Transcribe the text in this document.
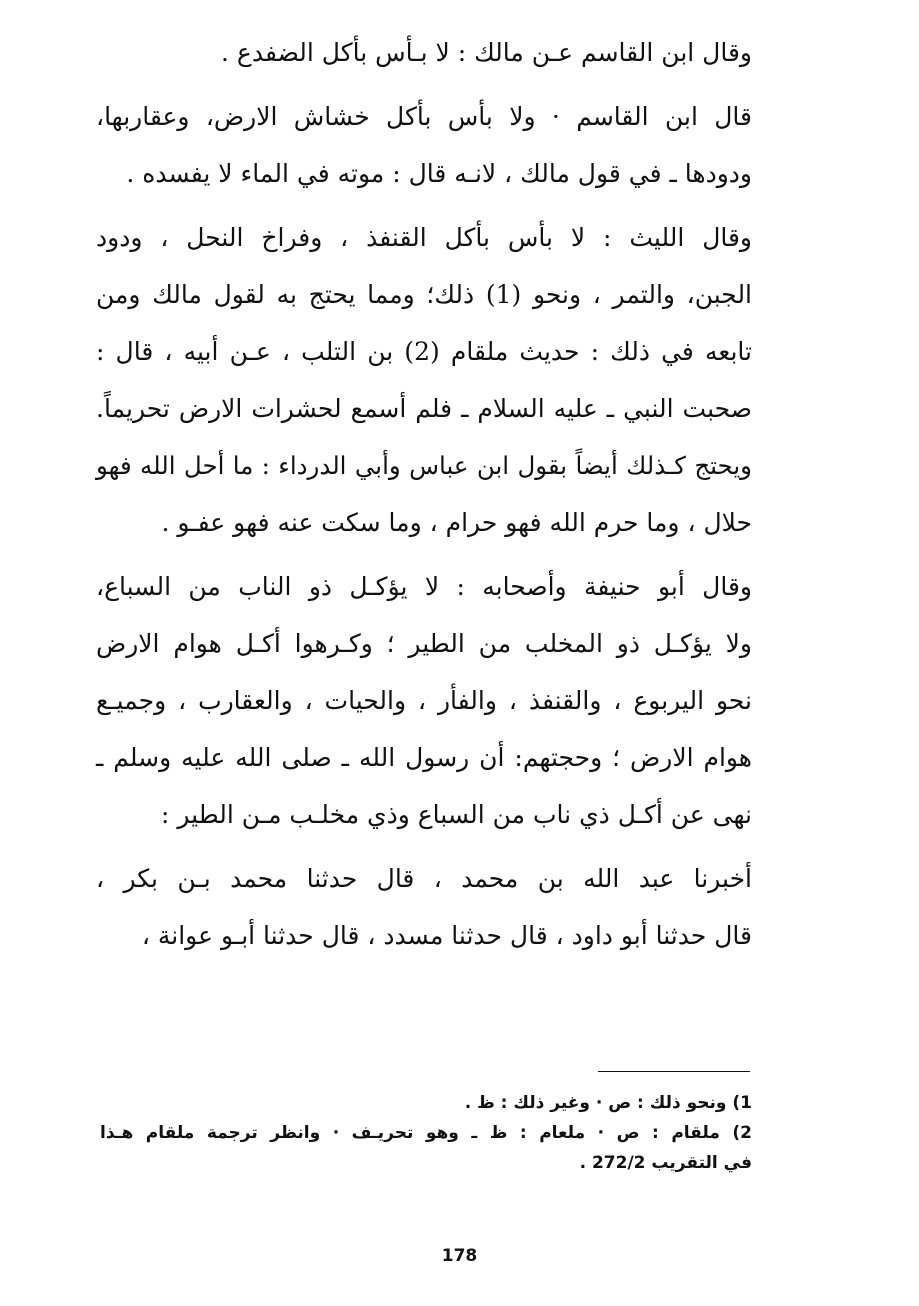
وقال ابن القاسم عـن مالك : لا بـأس بأكل الضفدع .
قال ابن القاسم · ولا بأس بأكل خشاش الارض، وعقاربها،
ودودها ـ في قول مالك ، لانـه قال : موته في الماء لا يفسده .
وقال الليث : لا بأس بأكل القنفذ ، وفراخ النحل ، ودود
الجبن، والتمر ، ونحو (1) ذلك؛ ومما يحتج به لقول مالك ومن
تابعه في ذلك : حديث ملقام (2) بن التلب ، عـن أبيه ، قال :
صحبت النبي ـ عليه السلام ـ فلم أسمع لحشرات الارض تحريماً.
ويحتج كـذلك أيضاً بقول ابن عباس وأبي الدرداء : ما أحل الله فهو
حلال ، وما حرم الله فهو حرام ، وما سكت عنه فهو عفـو .
وقال أبو حنيفة وأصحابه : لا يؤكـل ذو الناب من السباع،
ولا يؤكـل ذو المخلب من الطير ؛ وكـرهوا أكـل هوام الارض
نحو اليربوع ، والقنفذ ، والفأر ، والحيات ، والعقارب ، وجميـع
هوام الارض ؛ وحجتهم: أن رسول الله ـ صلى الله عليه وسلم ـ
نهى عن أكـل ذي ناب من السباع وذي مخلـب مـن الطير :
أخبرنا عبد الله بن محمد ، قال حدثنا محمد بـن بكر ،
قال حدثنا أبو داود ، قال حدثنا مسدد ، قال حدثنا أبـو عوانة ،
1) ونحو ذلك : ص · وغير ذلك : ظ .
2) ملقام : ص · ملعام : ظ ـ وهو تحريـف · وانظر ترجمة ملقام هـذا
في التقريب 272/2 .
178
